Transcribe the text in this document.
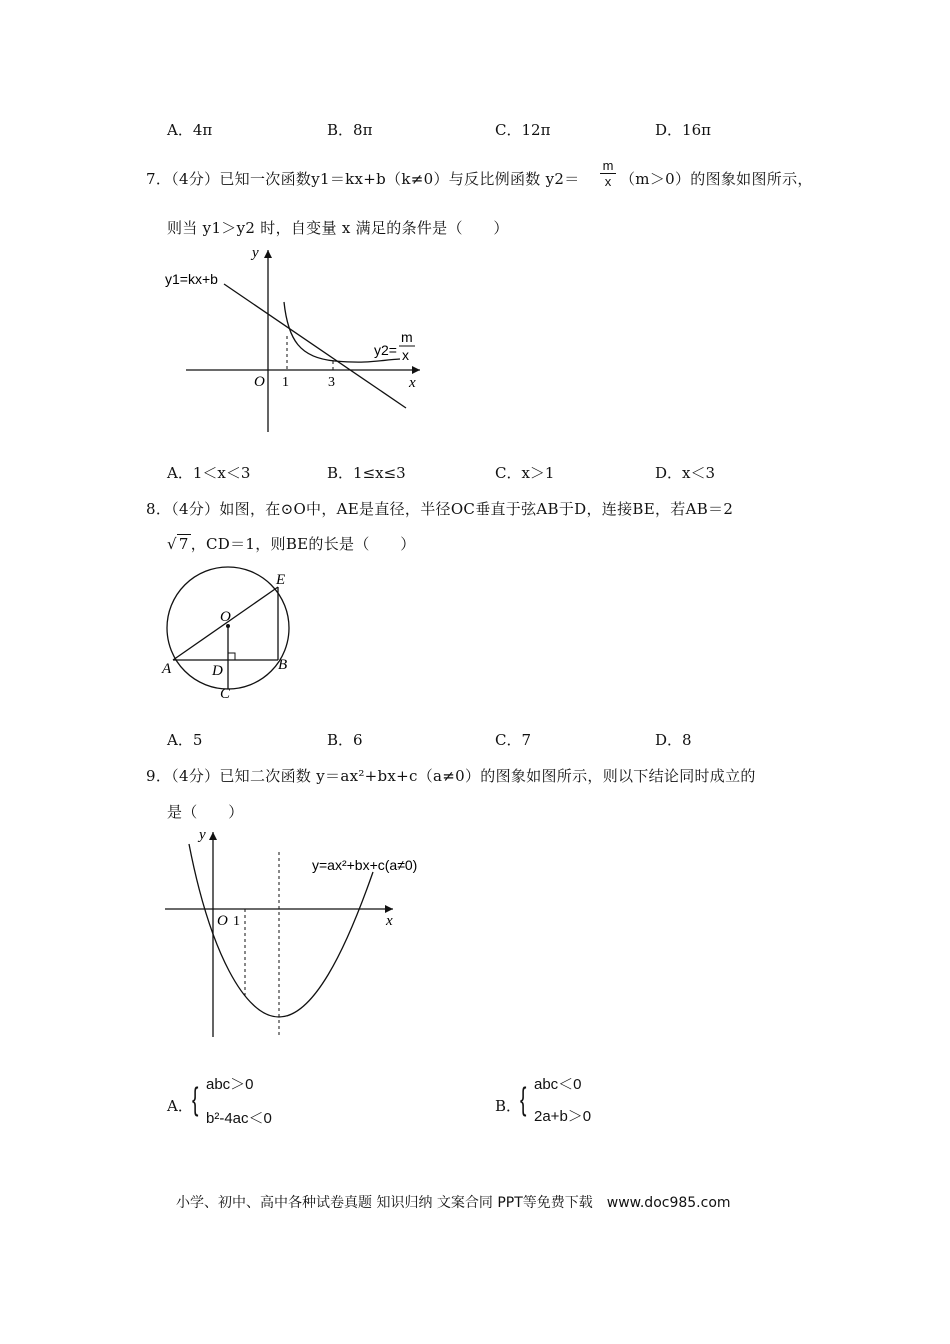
A．4π	B．8π	C．12π	D．16π
7．（4分）已知一次函数y1＝kx+b（k≠0）与反比例函数 $y2= \frac{m}{x} (m>0)$的图象如图所示，
则当 y1＞y2 时，自变量 x 满足的条件是（　　）
y
x
O 1	3
y1=kx+b
y2=
m
x
A．1＜x＜3	B．1≤x≤3	C．x＞1	D．x＜3
8．（4分）如图，在⊙O中，AE是直径，半径OC垂直于弦AB于D，连接BE，若AB＝2
√ 7 ，CD＝1，则BE的长是（　　）
A	B
C
D
E
O
A．5	B．6	C．7	D．8
9．（4分）已知二次函数 y＝ax²+bx+c（a≠0）的图象如图所示，则以下结论同时成立的
是（　　）
y
x
O 1
y=ax²+bx+c(a≠0)
A． { abc＞0
b²-4ac＜0
B．
{ abc＜0
2a+b＞0
小学、初中、高中各种试卷真题 知识归纳 文案合同 PPT等免费下载　www.doc985.com
